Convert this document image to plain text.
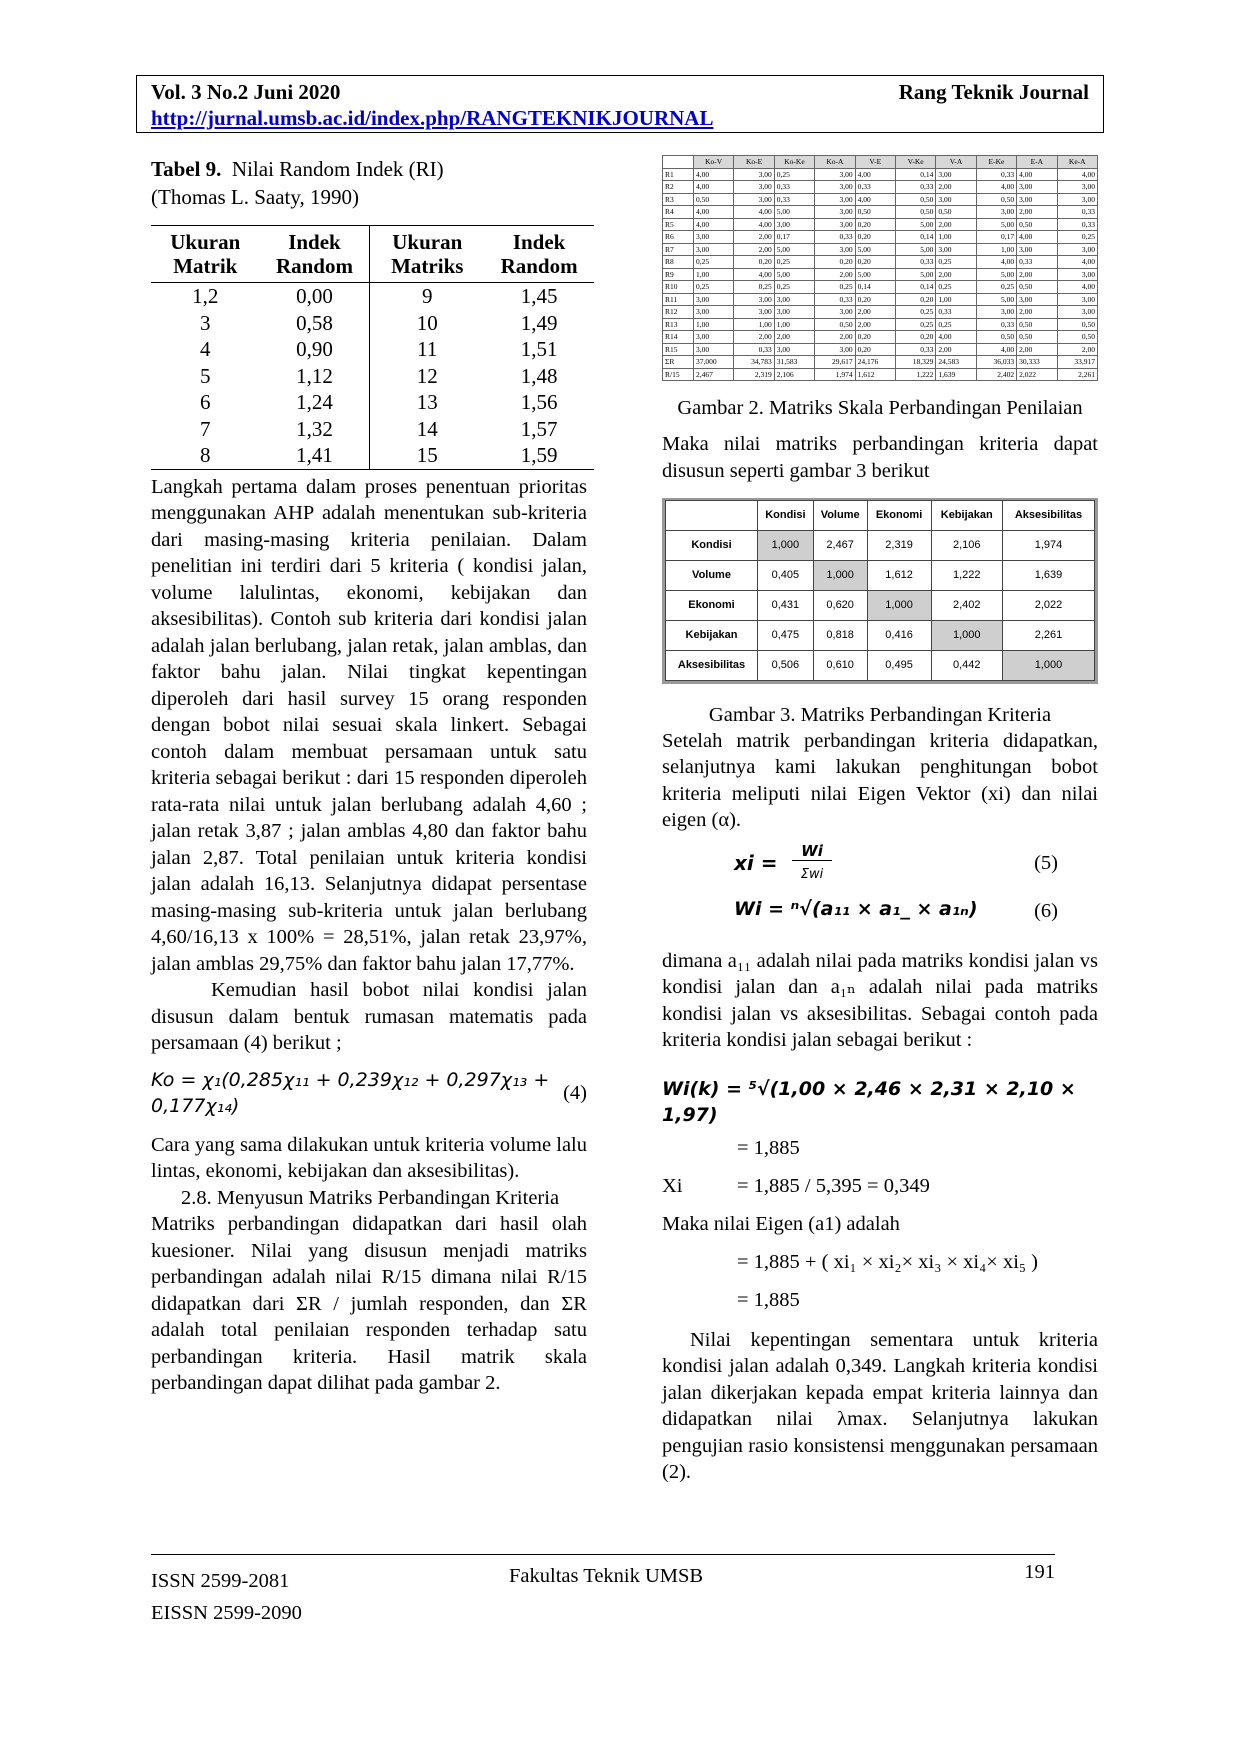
Vol. 3 No.2 Juni 2020	Rang Teknik Journal
http://jurnal.umsb.ac.id/index.php/RANGTEKNIKJOURNAL
Tabel 9. Nilai Random Indek (RI)
(Thomas L. Saaty, 1990)
Ukuran Matrik	Indek Random	Ukuran Matriks	Indek Random
1,2	0,00	9	1,45
3	0,58	10	1,49
4	0,90	11	1,51
5	1,12	12	1,48
6	1,24	13	1,56
7	1,32	14	1,57
8	1,41	15	1,59

Langkah pertama dalam proses penentuan prioritas menggunakan AHP adalah menentukan sub-kriteria dari masing-masing kriteria penilaian. Dalam penelitian ini terdiri dari 5 kriteria ( kondisi jalan, volume lalulintas, ekonomi, kebijakan dan aksesibilitas). Contoh sub kriteria dari kondisi jalan adalah jalan berlubang, jalan retak, jalan amblas, dan faktor bahu jalan. Nilai tingkat kepentingan diperoleh dari hasil survey 15 orang responden dengan bobot nilai sesuai skala linkert. Sebagai contoh dalam membuat persamaan untuk satu kriteria sebagai berikut : dari 15 responden diperoleh rata-rata nilai untuk jalan berlubang adalah 4,60 ; jalan retak 3,87 ; jalan amblas 4,80 dan faktor bahu jalan 2,87. Total penilaian untuk kriteria kondisi jalan adalah 16,13. Selanjutnya didapat persentase masing-masing sub-kriteria untuk jalan berlubang 4,60/16,13 x 100% = 28,51%, jalan retak 23,97%, jalan amblas 29,75% dan faktor bahu jalan 17,77%.

Kemudian hasil bobot nilai kondisi jalan disusun dalam bentuk rumasan matematis pada persamaan (4) berikut ;

Ko = χ₁(0,285χ₁₁ + 0,239χ₁₂ + 0,297χ₁₃ + 0,177χ₁₄)
(4)

Cara yang sama dilakukan untuk kriteria volume lalu lintas, ekonomi, kebijakan dan aksesibilitas).

2.8. Menyusun Matriks Perbandingan Kriteria

Matriks perbandingan didapatkan dari hasil olah kuesioner. Nilai yang disusun menjadi matriks perbandingan adalah nilai R/15 dimana nilai R/15 didapatkan dari ΣR / jumlah responden, dan ΣR adalah total penilaian responden terhadap satu perbandingan kriteria. Hasil matrik skala perbandingan dapat dilihat pada gambar 2.

	Ko-V	Ko-E	Ko-Ke	Ko-A	V-E	V-Ke	V-A	E-Ke	E-A	Ke-A
R1	4,00	3,00	0,25	3,00	4,00	0,14	3,00	0,33	4,00	4,00
R2	4,00	3,00	0,33	3,00	0,33	0,33	2,00	4,00	3,00	3,00
R3	0,50	3,00	0,33	3,00	4,00	0,50	3,00	0,50	3,00	3,00
R4	4,00	4,00	5,00	3,00	0,50	0,50	0,50	3,00	2,00	0,33
R5	4,00	4,00	3,00	3,00	0,20	5,00	2,00	5,00	0,50	0,33
R6	3,00	2,00	0,17	0,33	0,20	0,14	1,00	0,17	4,00	0,25
R7	3,00	2,00	5,00	3,00	5,00	5,00	3,00	1,00	3,00	3,00
R8	0,25	0,20	0,25	0,20	0,20	0,33	0,25	4,00	0,33	4,00
R9	1,00	4,00	5,00	2,00	5,00	5,00	2,00	5,00	2,00	3,00
R10	0,25	0,25	0,25	0,25	0,14	0,14	0,25	0,25	0,50	4,00
R11	3,00	3,00	3,00	0,33	0,20	0,20	1,00	5,00	3,00	3,00
R12	3,00	3,00	3,00	3,00	2,00	0,25	0,33	3,00	2,00	3,00
R13	1,00	1,00	1,00	0,50	2,00	0,25	0,25	0,33	0,50	0,50
R14	3,00	2,00	2,00	2,00	0,20	0,20	4,00	0,50	0,50	0,50
R15	3,00	0,33	3,00	3,00	0,20	0,33	2,00	4,00	2,00	2,00
ΣR	37,000	34,783	31,583	29,617	24,176	18,329	24,583	36,033	30,333	33,917
R/15	2,467	2,319	2,106	1,974	1,612	1,222	1,639	2,402	2,022	2,261
Gambar 2. Matriks Skala Perbandingan Penilaian

Maka nilai matriks perbandingan kriteria dapat disusun seperti gambar 3 berikut

	Kondisi	Volume	Ekonomi	Kebijakan	Aksesibilitas
Kondisi	1,000	2,467	2,319	2,106	1,974
Volume	0,405	1,000	1,612	1,222	1,639
Ekonomi	0,431	0,620	1,000	2,402	2,022
Kebijakan	0,475	0,818	0,416	1,000	2,261
Aksesibilitas	0,506	0,610	0,495	0,442	1,000
Gambar 3. Matriks Perbandingan Kriteria

Setelah matrik perbandingan kriteria didapatkan, selanjutnya kami lakukan penghitungan bobot kriteria meliputi nilai Eigen Vektor (xi) dan nilai eigen (α).

xi =	Wi
Σwi
(5)
Wi = ⁿ√(a₁₁ × a₁_ × a₁ₙ)	(6)

dimana a₁₁ adalah nilai pada matriks kondisi jalan vs kondisi jalan dan a₁ₙ adalah nilai pada matriks kondisi jalan vs aksesibilitas. Sebagai contoh pada kriteria kondisi jalan sebagai berikut :

Wi(k) = ⁵√(1,00 × 2,46 × 2,31 × 2,10 × 1,97)
= 1,885
Xi	= 1,885 / 5,395 = 0,349
Maka nilai Eigen (a1) adalah
= 1,885 + ( xi₁ × xi₂× xi₃ × xi₄× xi₅ )
= 1,885

Nilai kepentingan sementara untuk kriteria kondisi jalan adalah 0,349. Langkah kriteria kondisi jalan dikerjakan kepada empat kriteria lainnya dan didapatkan nilai λmax. Selanjutnya lakukan pengujian rasio konsistensi menggunakan persamaan (2).

ISSN 2599-2081
EISSN 2599-2090
Fakultas Teknik UMSB	191
